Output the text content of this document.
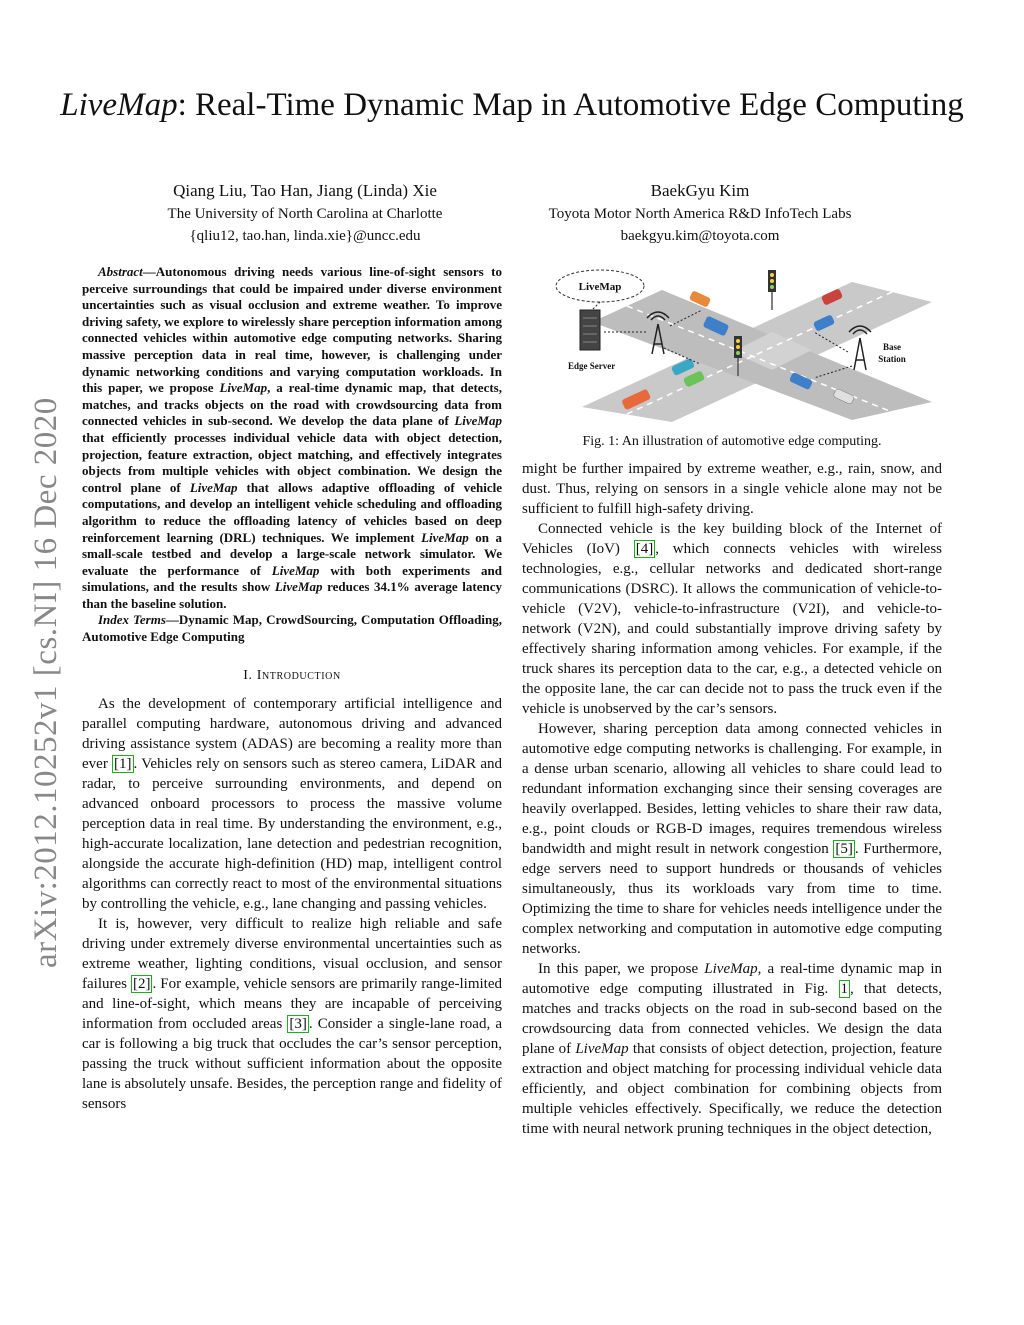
arXiv:2012.10252v1 [cs.NI] 16 Dec 2020
LiveMap: Real-Time Dynamic Map in Automotive Edge Computing
Qiang Liu, Tao Han, Jiang (Linda) Xie
The University of North Carolina at Charlotte
{qliu12, tao.han, linda.xie}@uncc.edu
BaekGyu Kim
Toyota Motor North America R&D InfoTech Labs
baekgyu.kim@toyota.com
Abstract—Autonomous driving needs various line-of-sight sensors to perceive surroundings that could be impaired under diverse environment uncertainties such as visual occlusion and extreme weather. To improve driving safety, we explore to wirelessly share perception information among connected vehicles within automotive edge computing networks. Sharing massive perception data in real time, however, is challenging under dynamic networking conditions and varying computation workloads. In this paper, we propose LiveMap, a real-time dynamic map, that detects, matches, and tracks objects on the road with crowdsourcing data from connected vehicles in sub-second. We develop the data plane of LiveMap that efficiently processes individual vehicle data with object detection, projection, feature extraction, object matching, and effectively integrates objects from multiple vehicles with object combination. We design the control plane of LiveMap that allows adaptive offloading of vehicle computations, and develop an intelligent vehicle scheduling and offloading algorithm to reduce the offloading latency of vehicles based on deep reinforcement learning (DRL) techniques. We implement LiveMap on a small-scale testbed and develop a large-scale network simulator. We evaluate the performance of LiveMap with both experiments and simulations, and the results show LiveMap reduces 34.1% average latency than the baseline solution.
Index Terms—Dynamic Map, CrowdSourcing, Computation Offloading, Automotive Edge Computing
I. Introduction

As the development of contemporary artificial intelligence and parallel computing hardware, autonomous driving and advanced driving assistance system (ADAS) are becoming a reality more than ever [1] . Vehicles rely on sensors such as stereo camera, LiDAR and radar, to perceive surrounding environments, and depend on advanced onboard processors to process the massive volume perception data in real time. By understanding the environment, e.g., high-accurate localization, lane detection and pedestrian recognition, alongside the accurate high-definition (HD) map, intelligent control algorithms can correctly react to most of the environmental situations by controlling the vehicle, e.g., lane changing and passing vehicles.

It is, however, very difficult to realize high reliable and safe driving under extremely diverse environmental uncertainties such as extreme weather, lighting conditions, visual occlusion, and sensor failures [2] . For example, vehicle sensors are primarily range-limited and line-of-sight, which means they are incapable of perceiving information from occluded areas [3] . Consider a single-lane road, a car is following a big truck that occludes the car’s sensor perception, passing the truck without sufficient information about the opposite lane is absolutely unsafe. Besides, the perception range and fidelity of sensors

LiveMap
Edge Server
Base
Station
Fig. 1: An illustration of automotive edge computing.

might be further impaired by extreme weather, e.g., rain, snow, and dust. Thus, relying on sensors in a single vehicle alone may not be sufficient to fulfill high-safety driving.

Connected vehicle is the key building block of the Internet of Vehicles (IoV) [4] , which connects vehicles with wireless technologies, e.g., cellular networks and dedicated short-range communications (DSRC). It allows the communication of vehicle-to-vehicle (V2V), vehicle-to-infrastructure (V2I), and vehicle-to-network (V2N), and could substantially improve driving safety by effectively sharing information among vehicles. For example, if the truck shares its perception data to the car, e.g., a detected vehicle on the opposite lane, the car can decide not to pass the truck even if the vehicle is unobserved by the car’s sensors.

However, sharing perception data among connected vehicles in automotive edge computing networks is challenging. For example, in a dense urban scenario, allowing all vehicles to share could lead to redundant information exchanging since their sensing coverages are heavily overlapped. Besides, letting vehicles to share their raw data, e.g., point clouds or RGB-D images, requires tremendous wireless bandwidth and might result in network congestion [5] . Furthermore, edge servers need to support hundreds or thousands of vehicles simultaneously, thus its workloads vary from time to time. Optimizing the time to share for vehicles needs intelligence under the complex networking and computation in automotive edge computing networks.

In this paper, we propose LiveMap, a real-time dynamic map in automotive edge computing illustrated in Fig. 1 , that detects, matches and tracks objects on the road in sub-second based on the crowdsourcing data from connected vehicles. We design the data plane of LiveMap that consists of object detection, projection, feature extraction and object matching for processing individual vehicle data efficiently, and object combination for combining objects from multiple vehicles effectively. Specifically, we reduce the detection time with neural network pruning techniques in the object detection,
